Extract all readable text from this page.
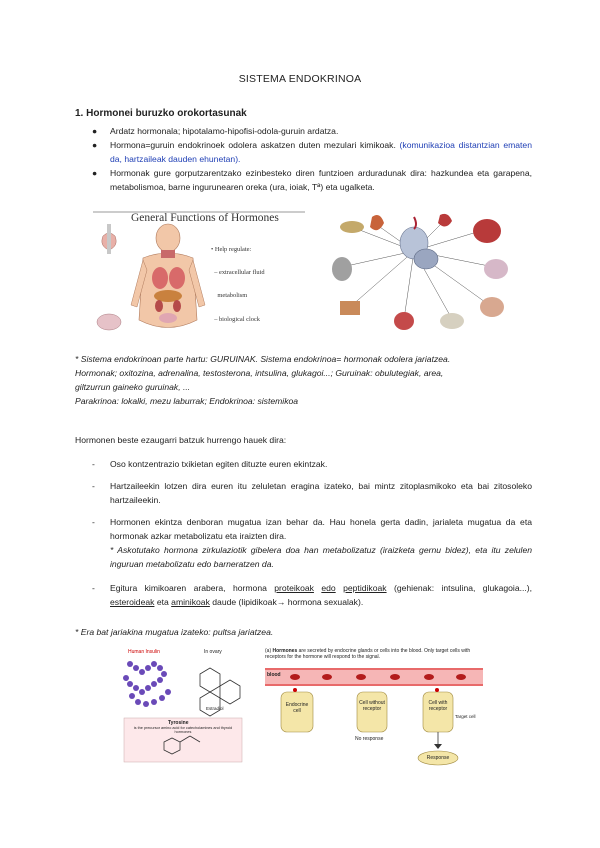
SISTEMA ENDOKRINOA
1. Hormonei buruzko orokortasunak
● Ardatz hormonala; hipotalamo-hipofisi-odola-guruin ardatza.
● Hormona=guruin endokrinoek odolera askatzen duten mezulari kimikoak. (komunikazioa distantzian ematen da, hartzaileak dauden ehunetan).
● Hormonak gure gorputzarentzako ezinbesteko diren funtzioen arduradunak dira: hazkundea eta garapena, metabolismoa, barne ingurunearen oreka (ura, ioiak, Tª) eta ugalketa.
General Functions of Hormones

• Help regulate:

– extracellular fluid

metabolism

– biological clock

* Sistema endokrinoan parte hartu: GURUINAK. Sistema endokrinoa= hormonak odolera jariatzea.
Hormonak; oxitozina, adrenalina, testosterona, intsulina, glukagoi...; Guruinak: obulutegiak, area,
giltzurrun gaineko guruinak, ...
Parakrinoa: lokalki, mezu laburrak; Endokrinoa: sistemikoa
Hormonen beste ezaugarri batzuk hurrengo hauek dira:
- Oso kontzentrazio txikietan egiten dituzte euren ekintzak.
- Hartzaileekin lotzen dira euren itu zeluletan eragina izateko, bai mintz zitoplasmikoko eta bai zitosoleko hartzaileekin.
- Hormonen ekintza denboran mugatua izan behar da. Hau honela gerta dadin, jarialeta mugatua da eta hormonak azkar metabolizatu eta iraizten dira.
* Askotutako hormona zirkulaziotik gibelera doa han metabolizatuz (iraizketa gernu bidez), eta itu zelulen inguruan metabolizatu edo barneratzen da.
- Egitura kimikoaren arabera, hormona proteikoak edo peptidikoak (gehienak: intsulina, glukagoia...), esteroideak eta aminikoak daude (lipidikoak→ hormona sexualak).
* Era bat jariakina mugatua izateko: pultsa jariatzea.
Human Insulin	In ovary
Estradiol
Tyrosine
is the precursor amino acid for catecholamines and thyroid hormones
(a) Hormones are secreted by endocrine glands or cells into the blood. Only target cells with receptors for the hormone will respond to the signal.
blood
Endocrine cell
Cell without receptor
Cell with receptor
Target cell
No response
Response
